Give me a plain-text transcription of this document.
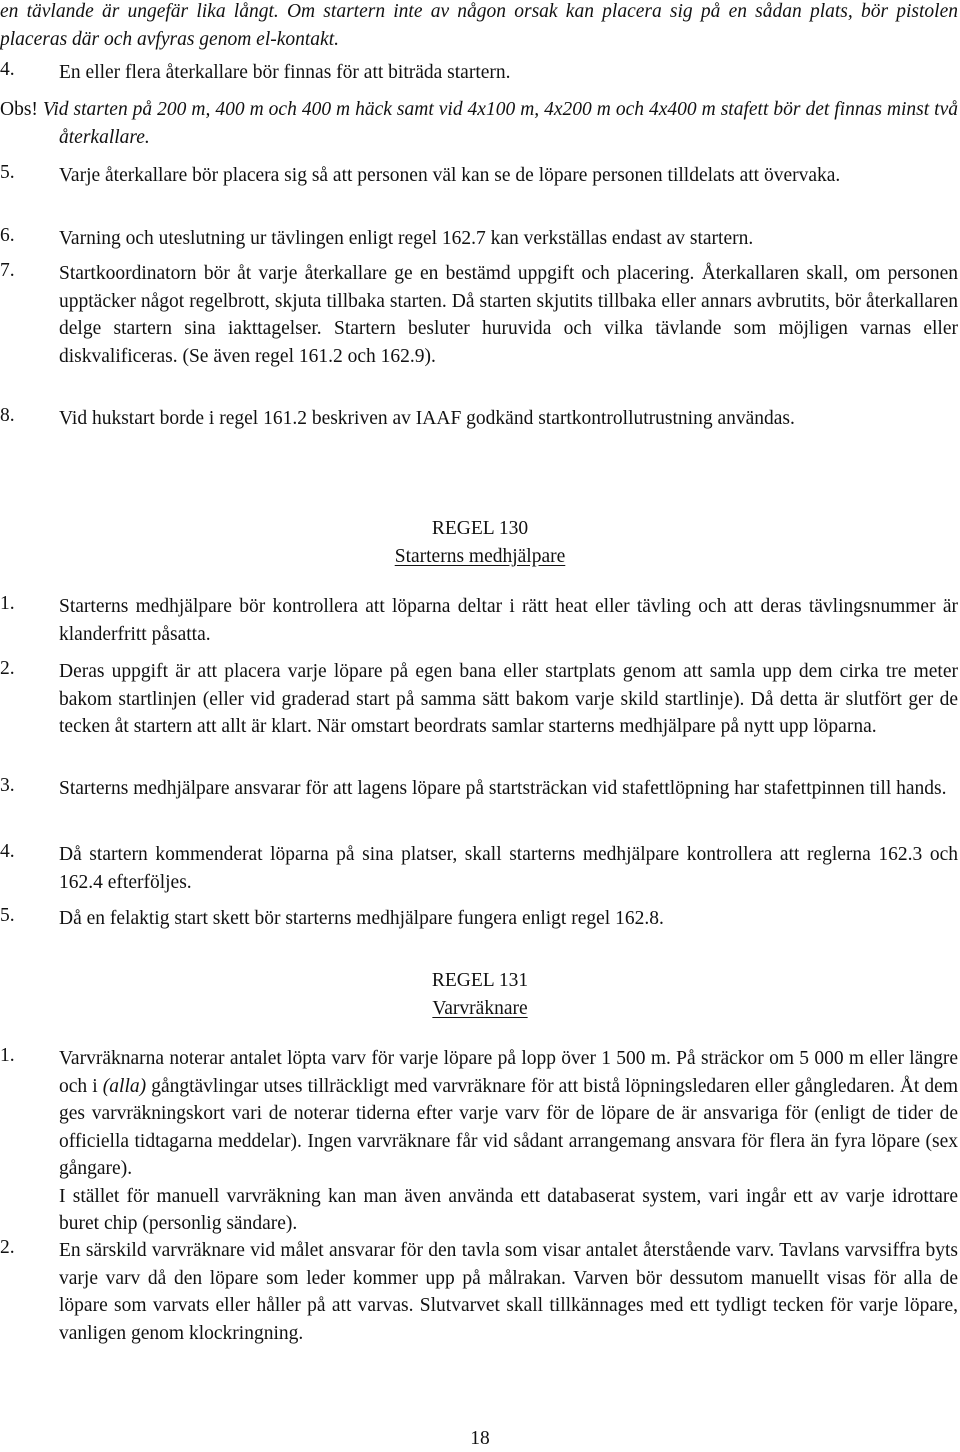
en tävlande är ungefär lika långt. Om startern inte av någon orsak kan placera sig på en sådan plats, bör pistolen placeras där och avfyras genom el-kontakt.
4. En eller flera återkallare bör finnas för att biträda startern.
Obs! Vid starten på 200 m, 400 m och 400 m häck samt vid 4x100 m, 4x200 m och 4x400 m stafett bör det finnas minst två återkallare.
5. Varje återkallare bör placera sig så att personen väl kan se de löpare personen tilldelats att övervaka.
6. Varning och uteslutning ur tävlingen enligt regel 162.7 kan verkställas endast av startern.
7. Startkoordinatorn bör åt varje återkallare ge en bestämd uppgift och placering. Återkallaren skall, om personen upptäcker något regelbrott, skjuta tillbaka starten. Då starten skjutits tillbaka eller annars avbrutits, bör återkallaren delge startern sina iakttagelser. Startern besluter huruvida och vilka tävlande som möjligen varnas eller diskvalificeras. (Se även regel 161.2 och 162.9).
8. Vid hukstart borde i regel 161.2 beskriven av IAAF godkänd startkontrollutrustning användas.
REGEL 130
Starterns medhjälpare
1. Starterns medhjälpare bör kontrollera att löparna deltar i rätt heat eller tävling och att deras tävlingsnummer är klanderfritt påsatta.
2. Deras uppgift är att placera varje löpare på egen bana eller startplats genom att samla upp dem cirka tre meter bakom startlinjen (eller vid graderad start på samma sätt bakom varje skild startlinje). Då detta är slutfört ger de tecken åt startern att allt är klart. När omstart beordrats samlar starterns medhjälpare på nytt upp löparna.
3. Starterns medhjälpare ansvarar för att lagens löpare på startsträckan vid stafettlöpning har stafettpinnen till hands.
4. Då startern kommenderat löparna på sina platser, skall starterns medhjälpare kontrollera att reglerna 162.3 och 162.4 efterföljes.
5. Då en felaktig start skett bör starterns medhjälpare fungera enligt regel 162.8.
REGEL 131
Varvräknare
1. Varvräknarna noterar antalet löpta varv för varje löpare på lopp över 1 500 m. På sträckor om 5 000 m eller längre och i (alla) gångtävlingar utses tillräckligt med varvräknare för att bistå löpningsledaren eller gångledaren. Åt dem ges varvräkningskort vari de noterar tiderna efter varje varv för de löpare de är ansvariga för (enligt de tider de officiella tidtagarna meddelar). Ingen varvräknare får vid sådant arrangemang ansvara för flera än fyra löpare (sex gångare).
I stället för manuell varvräkning kan man även använda ett databaserat system, vari ingår ett av varje idrottare buret chip (personlig sändare).
2. En särskild varvräknare vid målet ansvarar för den tavla som visar antalet återstående varv. Tavlans varvsiffra byts varje varv då den löpare som leder kommer upp på målrakan. Varven bör dessutom manuellt visas för alla de löpare som varvats eller håller på att varvas. Slutvarvet skall tillkännages med ett tydligt tecken för varje löpare, vanligen genom klockringning.
18
